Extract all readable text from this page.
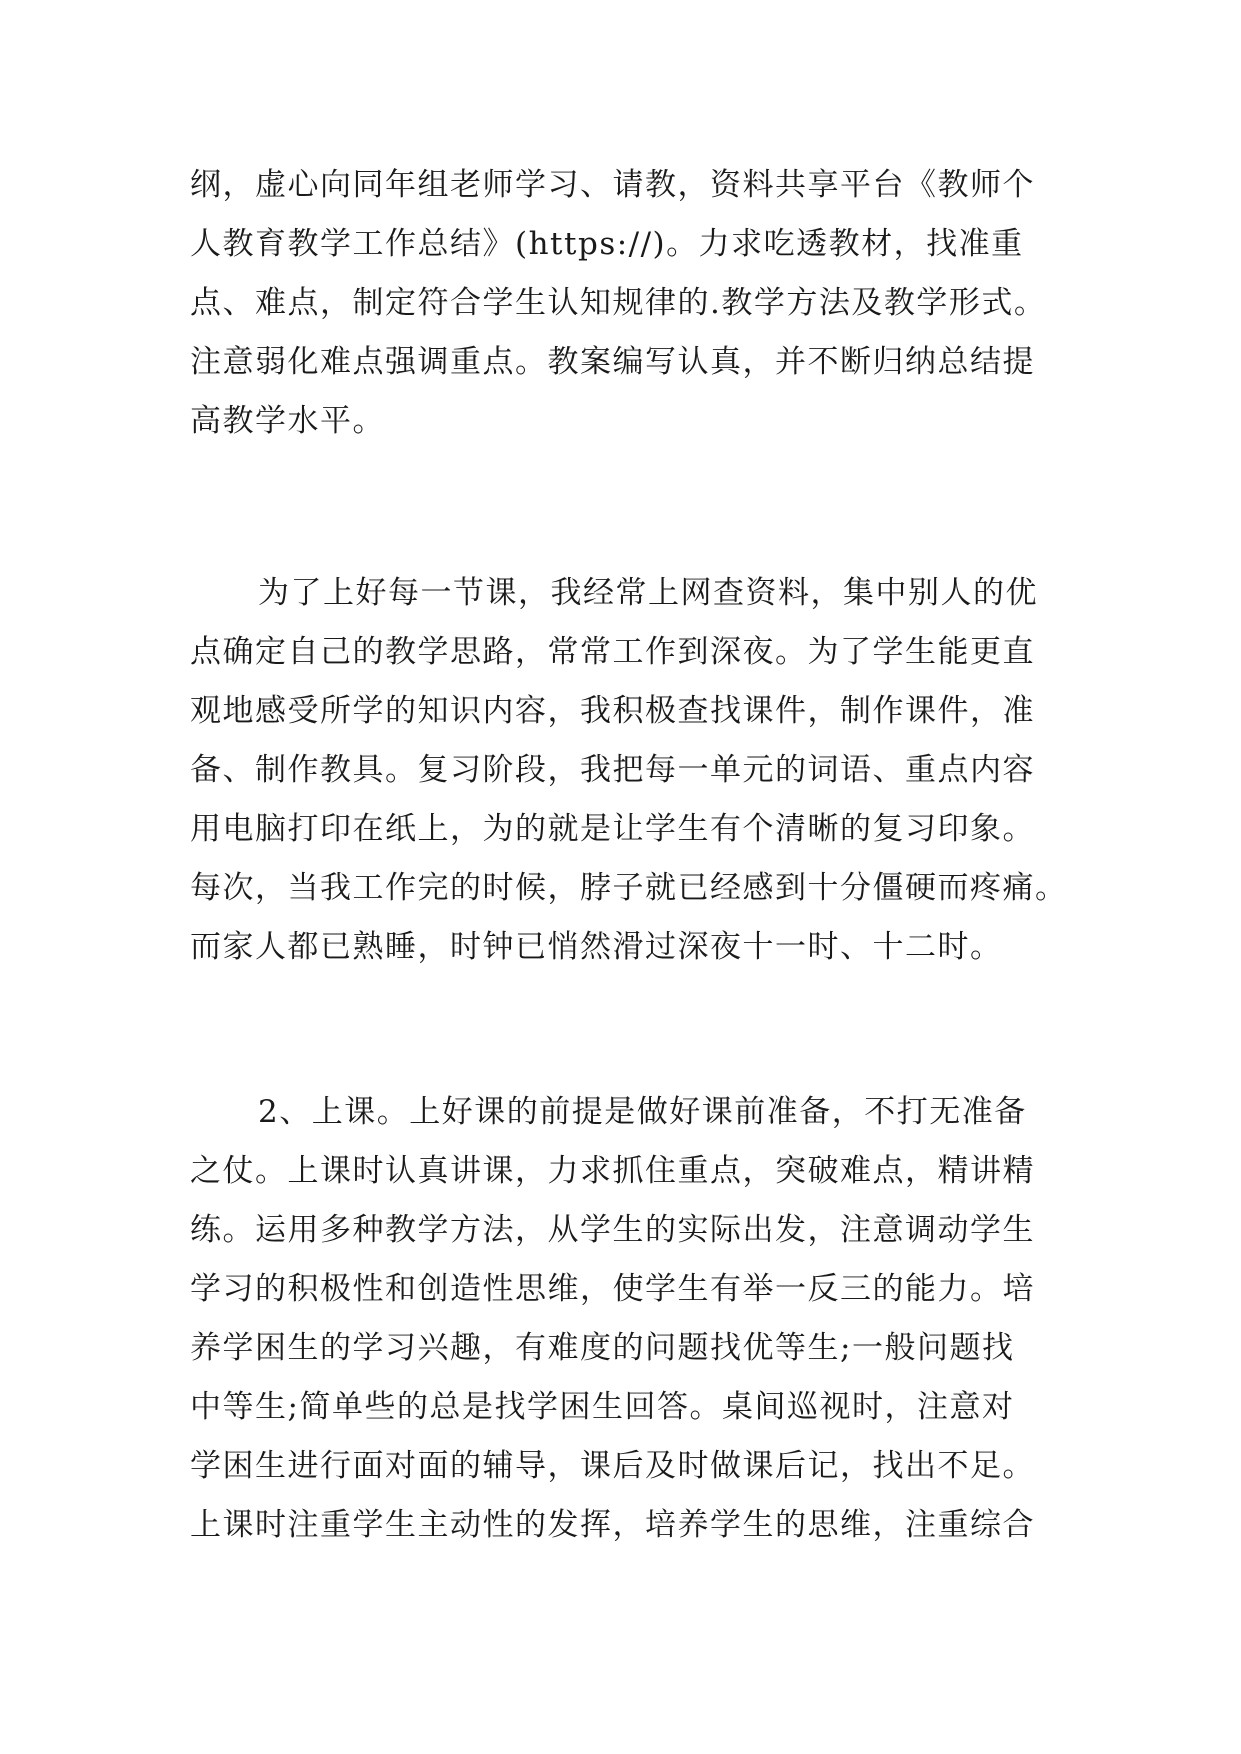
纲，虚心向同年组老师学习、请教，资料共享平台《教师个
人教育教学工作总结》(https://)。力求吃透教材，找准重
点、难点，制定符合学生认知规律的.教学方法及教学形式。
注意弱化难点强调重点。教案编写认真，并不断归纳总结提
高教学水平。

为了上好每一节课，我经常上网查资料，集中别人的优
点确定自己的教学思路，常常工作到深夜。为了学生能更直
观地感受所学的知识内容，我积极查找课件，制作课件，准
备、制作教具。复习阶段，我把每一单元的词语、重点内容
用电脑打印在纸上，为的就是让学生有个清晰的复习印象。
每次，当我工作完的时候，脖子就已经感到十分僵硬而疼痛。
而家人都已熟睡，时钟已悄然滑过深夜十一时、十二时。

2、上课。上好课的前提是做好课前准备，不打无准备
之仗。上课时认真讲课，力求抓住重点，突破难点，精讲精
练。运用多种教学方法，从学生的实际出发，注意调动学生
学习的积极性和创造性思维，使学生有举一反三的能力。培
养学困生的学习兴趣，有难度的问题找优等生;一般问题找
中等生;简单些的总是找学困生回答。桌间巡视时，注意对
学困生进行面对面的辅导，课后及时做课后记，找出不足。
上课时注重学生主动性的发挥，培养学生的思维，注重综合
